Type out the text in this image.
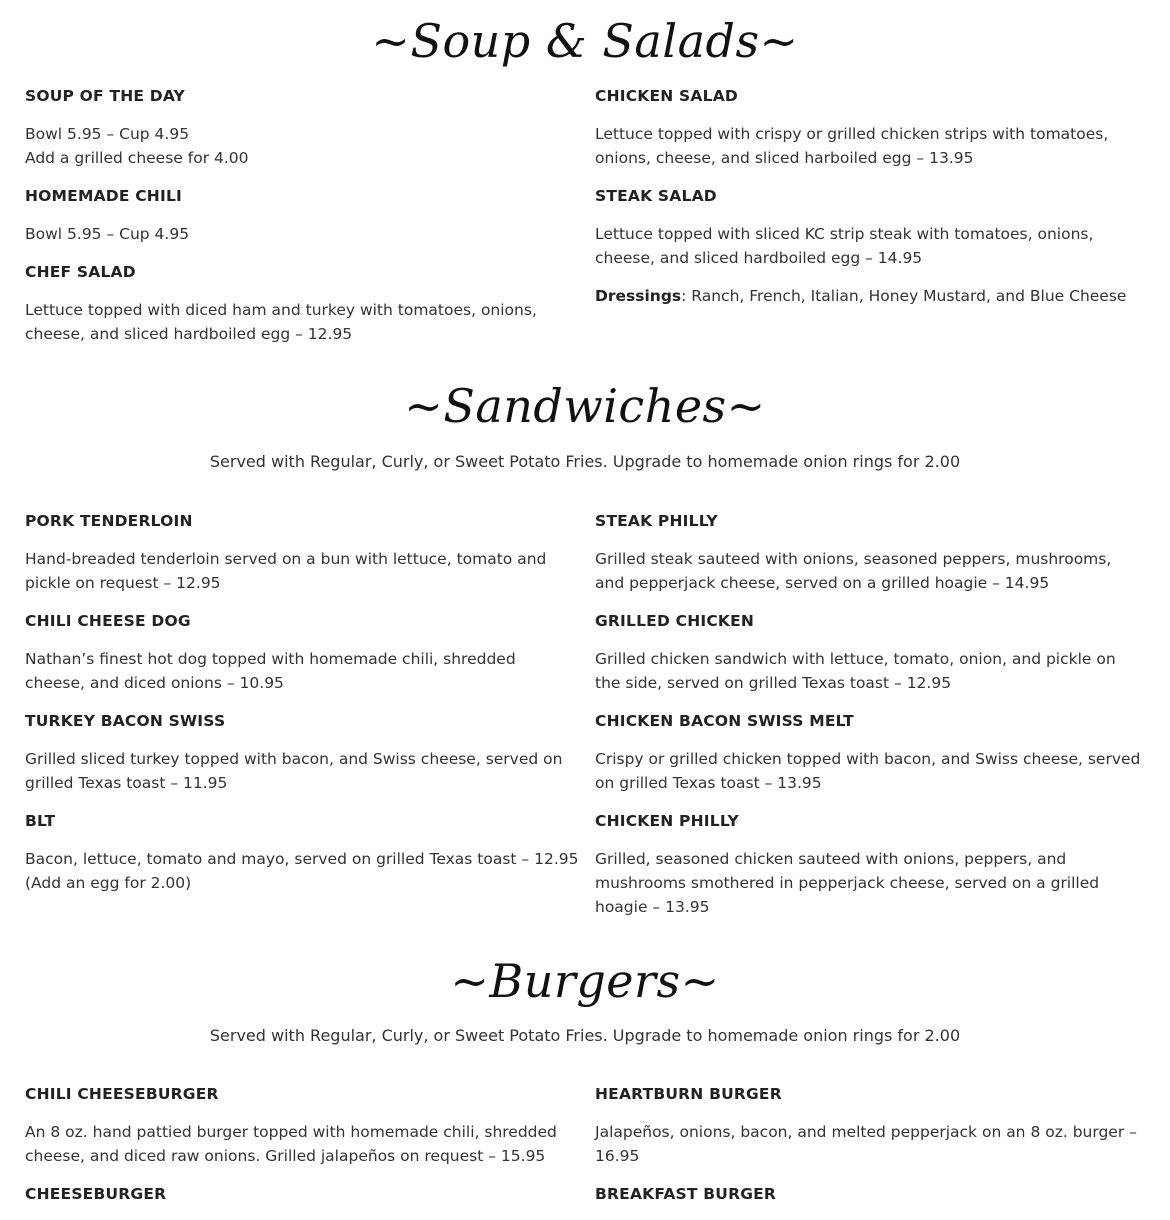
~Soup & Salads~
SOUP OF THE DAY
Bowl 5.95 – Cup 4.95
Add a grilled cheese for 4.00
HOMEMADE CHILI
Bowl 5.95 – Cup 4.95
CHEF SALAD
Lettuce topped with diced ham and turkey with tomatoes, onions, cheese, and sliced hardboiled egg – 12.95
CHICKEN SALAD
Lettuce topped with crispy or grilled chicken strips with tomatoes, onions, cheese, and sliced harboiled egg – 13.95
STEAK SALAD
Lettuce topped with sliced KC strip steak with tomatoes, onions, cheese, and sliced hardboiled egg – 14.95
Dressings: Ranch, French, Italian, Honey Mustard, and Blue Cheese
~Sandwiches~
Served with Regular, Curly, or Sweet Potato Fries. Upgrade to homemade onion rings for 2.00
PORK TENDERLOIN
Hand-breaded tenderloin served on a bun with lettuce, tomato and pickle on request – 12.95
CHILI CHEESE DOG
Nathan’s finest hot dog topped with homemade chili, shredded cheese, and diced onions – 10.95
TURKEY BACON SWISS
Grilled sliced turkey topped with bacon, and Swiss cheese, served on grilled Texas toast – 11.95
BLT
Bacon, lettuce, tomato and mayo, served on grilled Texas toast – 12.95
(Add an egg for 2.00)
STEAK PHILLY
Grilled steak sauteed with onions, seasoned peppers, mushrooms, and pepperjack cheese, served on a grilled hoagie – 14.95
GRILLED CHICKEN
Grilled chicken sandwich with lettuce, tomato, onion, and pickle on the side, served on grilled Texas toast – 12.95
CHICKEN BACON SWISS MELT
Crispy or grilled chicken topped with bacon, and Swiss cheese, served on grilled Texas toast – 13.95
CHICKEN PHILLY
Grilled, seasoned chicken sauteed with onions, peppers, and mushrooms smothered in pepperjack cheese, served on a grilled hoagie – 13.95
~Burgers~
Served with Regular, Curly, or Sweet Potato Fries. Upgrade to homemade onion rings for 2.00
CHILI CHEESEBURGER
An 8 oz. hand pattied burger topped with homemade chili, shredded cheese, and diced raw onions. Grilled jalapeños on request – 15.95
CHEESEBURGER
HEARTBURN BURGER
Jalapeños, onions, bacon, and melted pepperjack on an 8 oz. burger – 16.95
BREAKFAST BURGER
